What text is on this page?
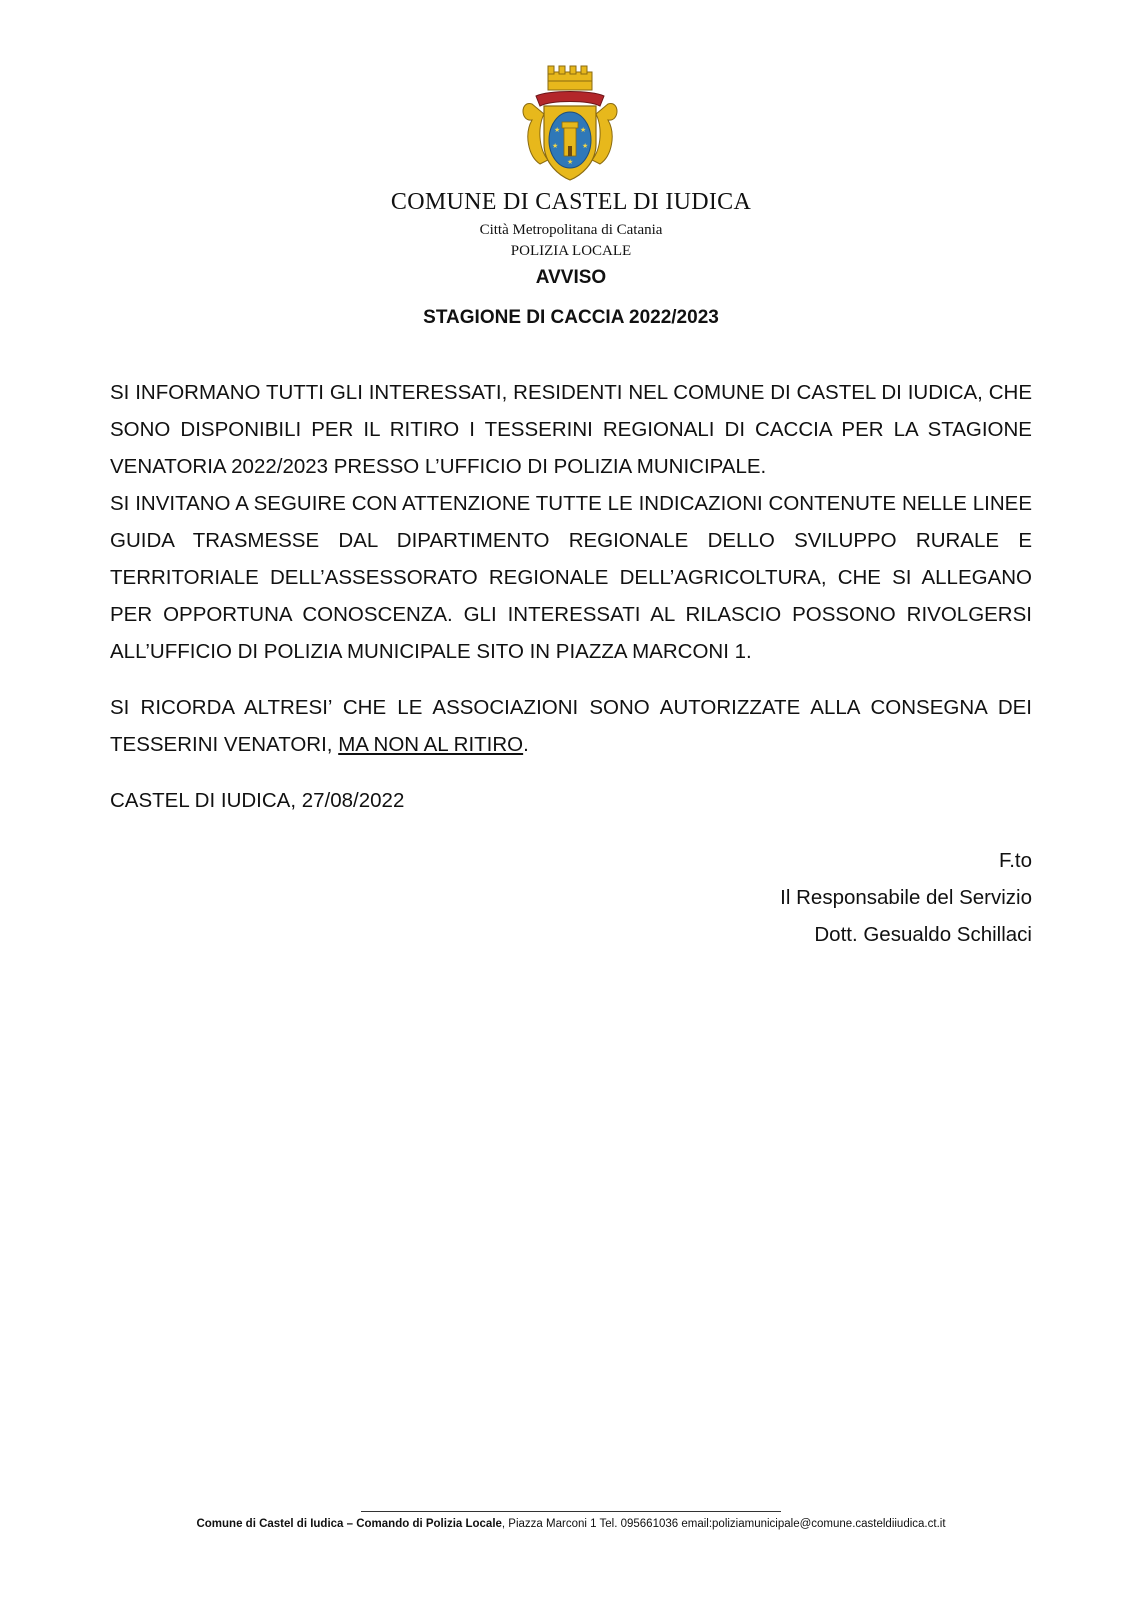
★	★
★	★
★
COMUNE DI CASTEL DI IUDICA
Città Metropolitana di Catania
POLIZIA LOCALE
AVVISO
STAGIONE DI CACCIA 2022/2023
SI INFORMANO TUTTI GLI INTERESSATI, RESIDENTI NEL COMUNE DI CASTEL DI IUDICA, CHE SONO DISPONIBILI PER IL RITIRO I TESSERINI REGIONALI DI CACCIA PER LA STAGIONE VENATORIA 2022/2023 PRESSO L’UFFICIO DI POLIZIA MUNICIPALE.
SI INVITANO A SEGUIRE CON ATTENZIONE TUTTE LE INDICAZIONI CONTENUTE NELLE LINEE GUIDA TRASMESSE DAL DIPARTIMENTO REGIONALE DELLO SVILUPPO RURALE E TERRITORIALE DELL’ASSESSORATO REGIONALE DELL’AGRICOLTURA, CHE SI ALLEGANO PER OPPORTUNA CONOSCENZA. GLI INTERESSATI AL RILASCIO POSSONO RIVOLGERSI ALL’UFFICIO DI POLIZIA MUNICIPALE SITO IN PIAZZA MARCONI 1.

SI RICORDA ALTRESI’ CHE LE ASSOCIAZIONI SONO AUTORIZZATE ALLA CONSEGNA DEI TESSERINI VENATORI, MA NON AL RITIRO.

CASTEL DI IUDICA, 27/08/2022
F.to
Il Responsabile del Servizio
Dott. Gesualdo Schillaci
Comune di Castel di Iudica – Comando di Polizia Locale, Piazza Marconi 1 Tel. 095661036 email:poliziamunicipale@comune.casteldiiudica.ct.it
